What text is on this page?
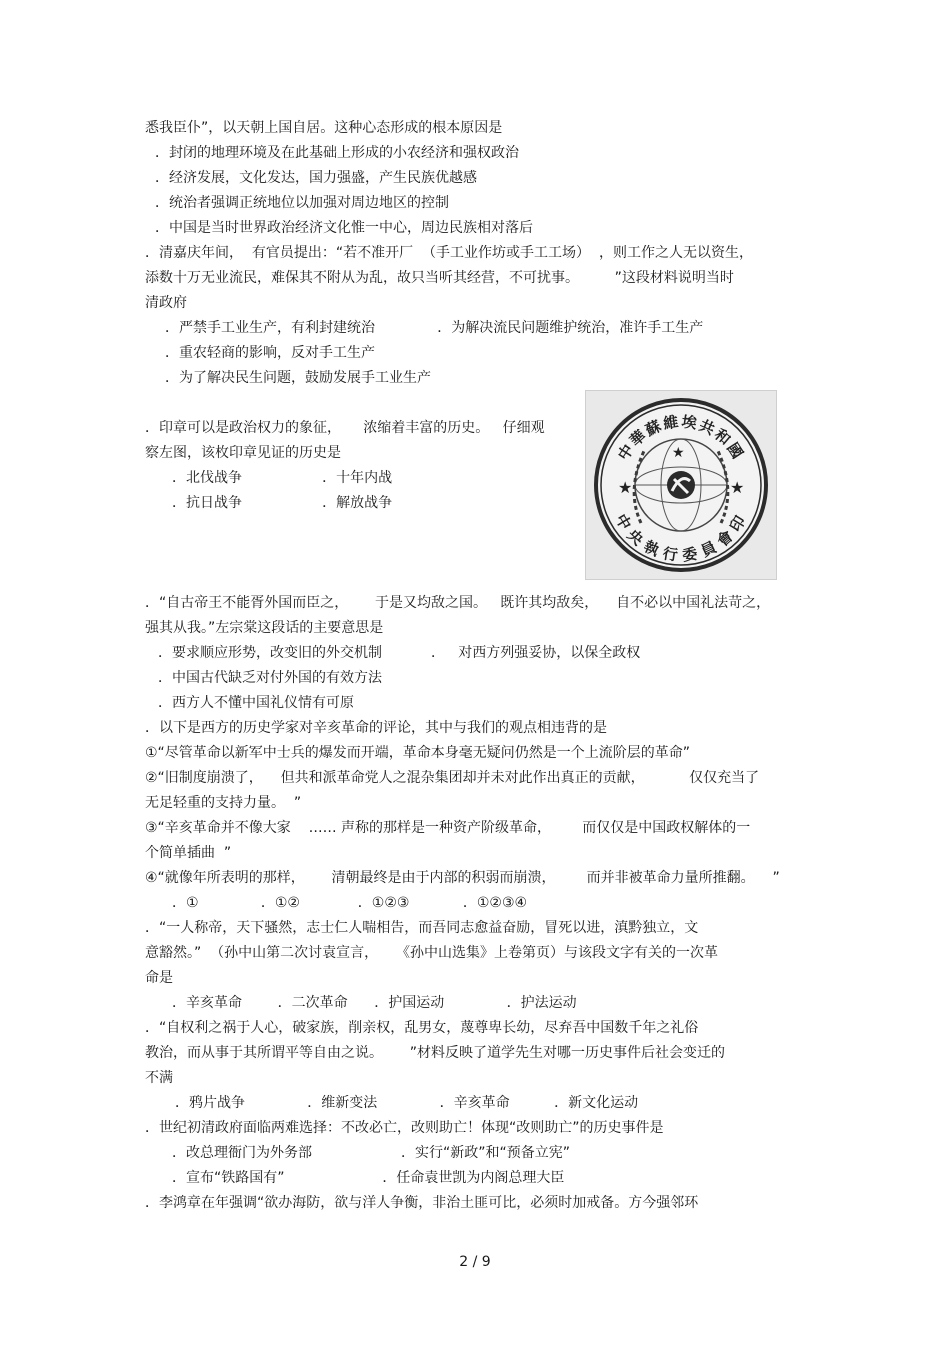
悉我臣仆”，以天朝上国自居。这种心态形成的根本原因是
．封闭的地理环境及在此基础上形成的小农经济和强权政治
．经济发展，文化发达，国力强盛，产生民族优越感
．统治者强调正统地位以加强对周边地区的控制
．中国是当时世界政治经济文化惟一中心，周边民族相对落后
．清嘉庆年间，  有官员提出：“若不准开厂  （手工业作坊或手工工场）  ，则工作之人无以资生，
添数十万无业流民，难保其不附从为乱，故只当听其经营，不可扰事。        ”这段材料说明当时
清政府
．严禁手工业生产，有利封建统治              ．为解决流民问题维护统治，准许手工生产
．重农轻商的影响，反对手工生产
．为了解决民生问题，鼓励发展手工业生产
．印章可以是政治权力的象征，     浓缩着丰富的历史。   仔细观
察左图，该枚印章见证的历史是
．北伐战争                  ．十年内战
．抗日战争                  ．解放战争
★	★
★
中華蘇維埃共和國
中央執行委員會印
．“自古帝王不能胥外国而臣之，      于是又均敌之国。   既许其均敌矣，    自不必以中国礼法苛之，
强其从我。”左宗棠这段话的主要意思是
．要求顺应形势，改变旧的外交机制           ．   对西方列强妥协，以保全政权
．中国古代缺乏对付外国的有效方法
．西方人不懂中国礼仪情有可原
．以下是西方的历史学家对辛亥革命的评论，其中与我们的观点相违背的是
①“尽管革命以新军中士兵的爆发而开端，革命本身毫无疑问仍然是一个上流阶层的革命”
②“旧制度崩溃了，    但共和派革命党人之混杂集团却并未对此作出真正的贡献，          仅仅充当了
无足轻重的支持力量。  ”
③“辛亥革命并不像大家    …… 声称的那样是一种资产阶级革命，       而仅仅是中国政权解体的一
个简单插曲  ”
④“就像年所表明的那样，      清朝最终是由于内部的积弱而崩溃，       而并非被革命力量所推翻。    ”
．①              ．①②             ．①②③            ．①②③④
．“一人称帝，天下骚然，志士仁人喘相告，而吾同志愈益奋励，冒死以进，滇黔独立，文
意豁然。”  （孙中山第二次讨袁宣言，    《孙中山选集》上卷第页）与该段文字有关的一次革
命是
．辛亥革命        ．二次革命      ．护国运动              ．护法运动
．“自权利之祸于人心，破家族，削亲权，乱男女，蔑尊卑长幼，尽弃吾中国数千年之礼俗
教治，而从事于其所谓平等自由之说。      ”材料反映了道学先生对哪一历史事件后社会变迁的
不满
．鸦片战争              ．维新变法              ．辛亥革命          ．新文化运动
．世纪初清政府面临两难选择：不改必亡，改则助亡！体现“改则助亡”的历史事件是
．改总理衙门为外务部                    ．实行“新政”和“预备立宪”
．宣布“铁路国有”                      ．任命袁世凯为内阁总理大臣
．李鸿章在年强调“欲办海防，欲与洋人争衡，非治土匪可比，必须时加戒备。方今强邻环
2 / 9
